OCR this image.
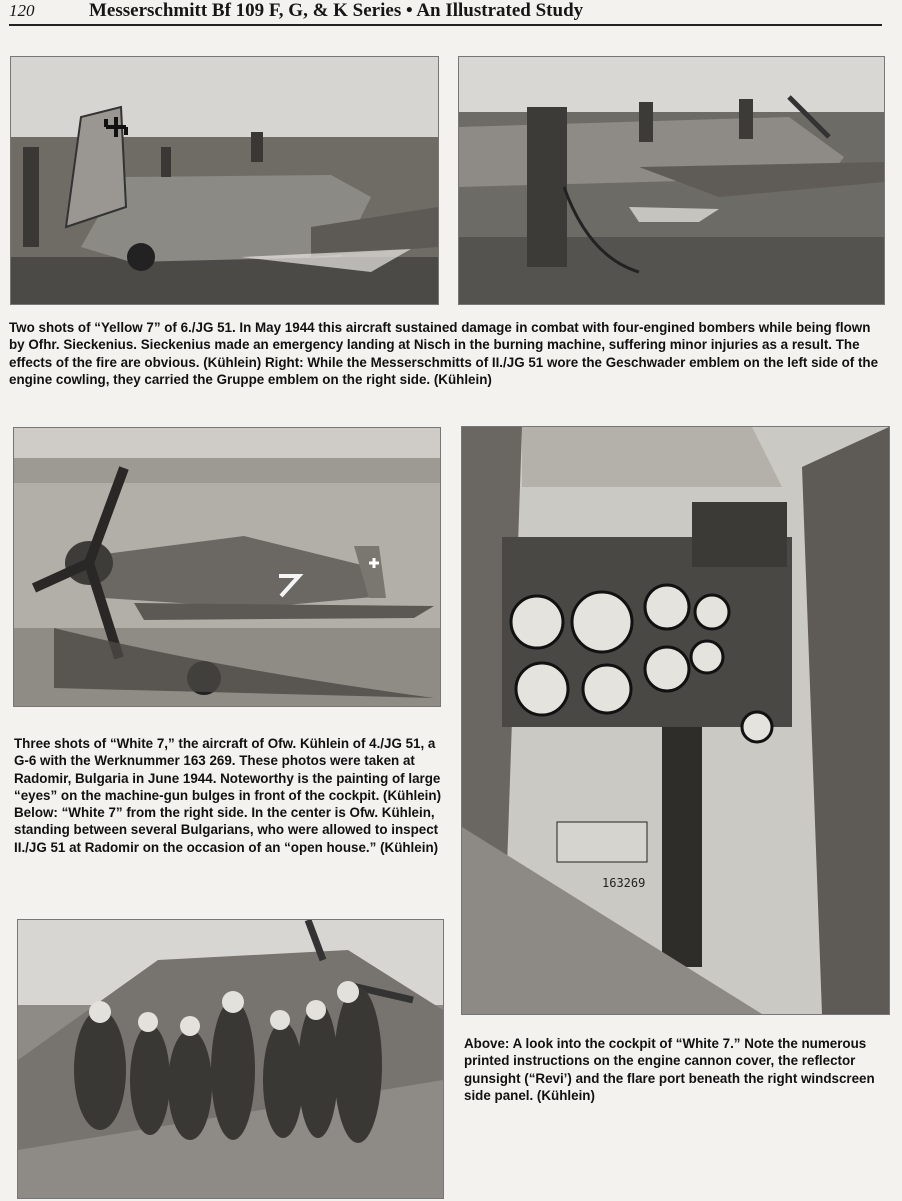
120	Messerschmitt Bf 109 F, G, & K Series • An Illustrated Study
Two shots of “Yellow 7” of 6./JG 51. In May 1944 this aircraft sustained damage in combat with four-engined bombers while being flown by Ofhr. Sieckenius. Sieckenius made an emergency landing at Nisch in the burning machine, suffering minor injuries as a result. The effects of the fire are obvious. (Kühlein) Right: While the Messerschmitts of II./JG 51 wore the Geschwader emblem on the left side of the engine cowling, they carried the Gruppe emblem on the right side. (Kühlein)
Three shots of “White 7,” the aircraft of Ofw. Kühlein of 4./JG 51, a G-6 with the Werknummer 163 269. These photos were taken at Radomir, Bulgaria in June 1944. Noteworthy is the painting of large “eyes” on the machine-gun bulges in front of the cockpit. (Kühlein) Below: “White 7” from the right side. In the center is Ofw. Kühlein, standing between several Bulgarians, who were allowed to inspect II./JG 51 at Radomir on the occasion of an “open house.” (Kühlein)
163269
Above: A look into the cockpit of “White 7.” Note the numerous printed instructions on the engine cannon cover, the reflector gunsight (“Revi’) and the flare port beneath the right windscreen side panel. (Kühlein)
